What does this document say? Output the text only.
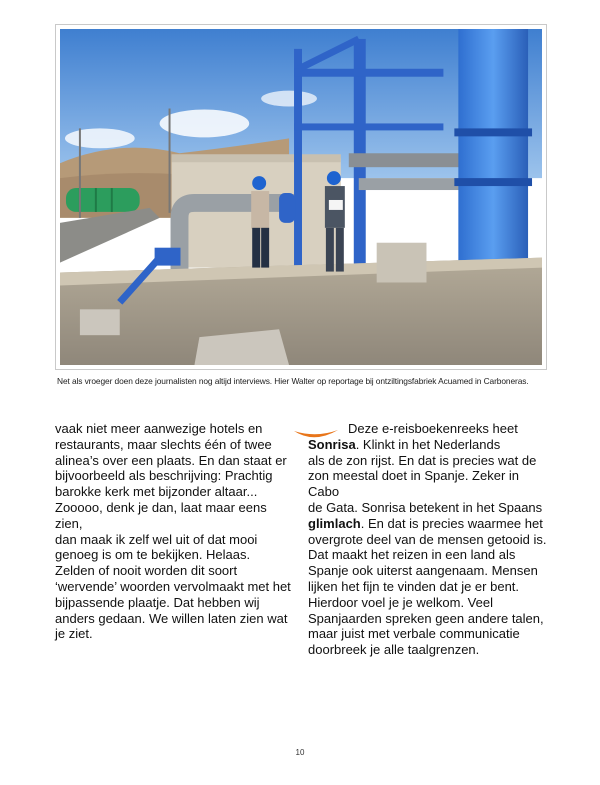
Net als vroeger doen deze journalisten nog altijd interviews. Hier Walter op reportage bij ontziltingsfabriek Acuamed in Carboneras.

vaak niet meer aanwezige hotels en
restaurants, maar slechts één of twee
alinea’s over een plaats. En dan staat er
bijvoorbeeld als beschrijving: Prachtig
barokke kerk met bijzonder altaar...
Zooooo, denk je dan, laat maar eens zien,
dan maak ik zelf wel uit of dat mooi
genoeg is om te bekijken. Helaas.
Zelden of nooit worden dit soort
‘wervende’ woorden vervolmaakt met het
bijpassende plaatje. Dat hebben wij
anders gedaan. We willen laten zien wat
je ziet.

Deze e-reisboekenreeks heet
Sonrisa. Klinkt in het Nederlands
als de zon rijst. En dat is precies wat de
zon meestal doet in Spanje. Zeker in Cabo
de Gata. Sonrisa betekent in het Spaans
glimlach. En dat is precies waarmee het
overgrote deel van de mensen getooid is.
Dat maakt het reizen in een land als
Spanje ook uiterst aangenaam. Mensen
lijken het fijn te vinden dat je er bent.
Hierdoor voel je je welkom. Veel
Spanjaarden spreken geen andere talen,
maar juist met verbale communicatie
doorbreek je alle taalgrenzen.

10
